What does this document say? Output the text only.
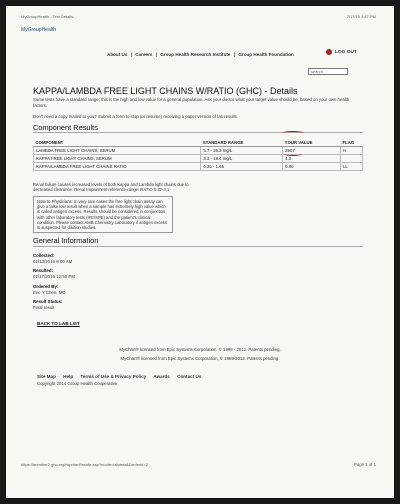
MyGroupHealth - Test Details	2/17/15 3:47 PM
MyGroupHealth
About Us | Careers | Group Health Research Institute | Group Health Foundation	LOG OUT
search
KAPPA/LAMBDA FREE LIGHT CHAINS W/RATIO (GHC) - Details
Some tests have a standard range; this is the high and low value for a general population. Ask your doctor what your target value should be, based on your own health factors.
Don't need a copy mailed to you? Submit a form to stop (or resume) receiving a paper version of lab results.
Component Results
COMPONENT	STANDARD RANGE	YOUR VALUE	FLAG
LAMBDA FREE LIGHT CHAINS, SERUM	5.7 - 26.3 mg/L	2907	H
KAPPA FREE LIGHT CHAINS, SERUM	3.3 - 19.4 mg/L	4.0	
KAPPA/LAMBDA FREE LIGHT CHAINS RATIO	0.26 - 1.65	0.00	LL
Renal failure causes increased levels of both Kappa and Lambda light chains due to decreased clearance. Renal Impairment reference range: RATIO 0.37-3.1
Note to Physicians: In very rare cases the free light chain assay can give a false low result when a sample has extremely high value which is called antigen excess. Results should be considered in conjunction with other laboratory tests (IFE/SPE) and the patient's clinical condition. Please contact AMB Chemistry Laboratory if antigen excess is suspected for dilution studies.
General Information
Collected:
02/13/2015 8:00 AM
Resulted:
02/17/2015 12:50 PM
Ordered By:
Eric Y Chen, MD
Result Status:
Final result
BACK TO LAB LIST
MyChart® licensed from Epic Systems Corporation, © 1999 - 2012. Patents pending.
MyChart® licensed from Epic Systems Corporation, © 1999-2012. Patents pending.
Site Map Help Terms of Use & Privacy Policy Awards Contact Us
Copyright 2014 Group Health Cooperative
https://member2.ghc.org/mychart/inside.asp?mode=labdetail&orderid=2	Page 1 of 1
